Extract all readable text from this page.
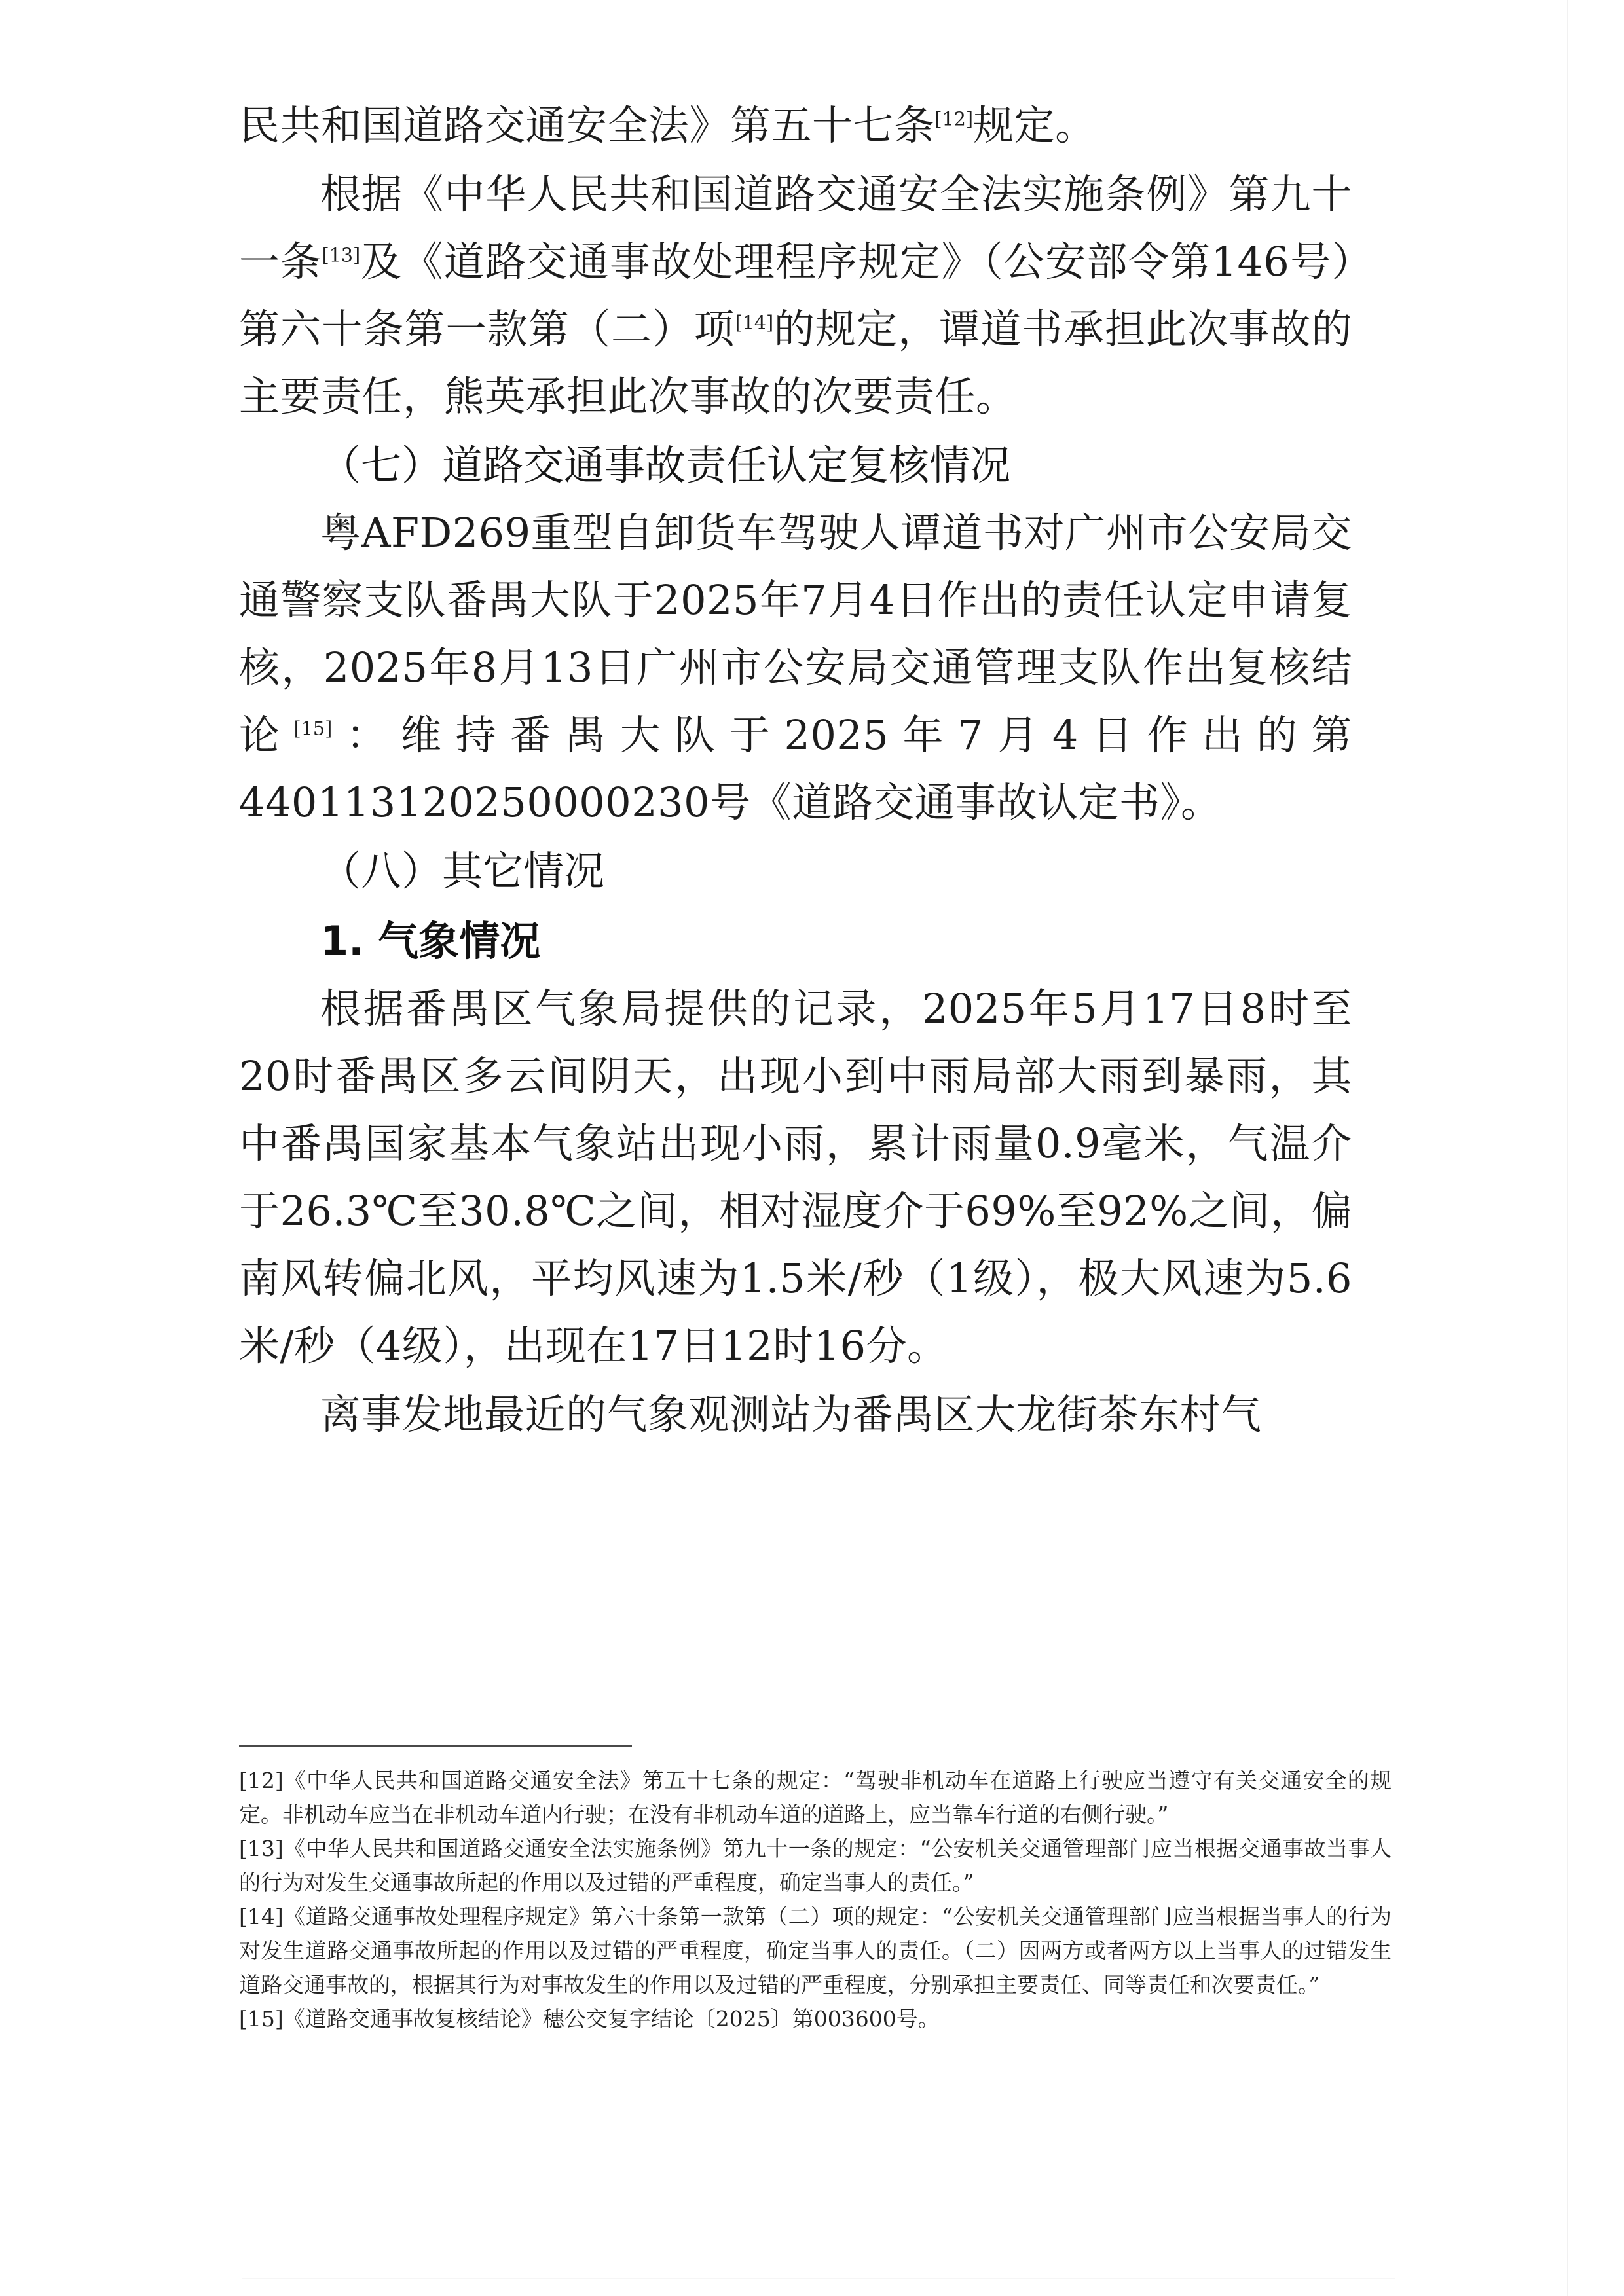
民共和国道路交通安全法》第五十七条[12]规定。

根据《中华人民共和国道路交通安全法实施条例》第九十一条[13]及《道路交通事故处理程序规定》（公安部令第146号）第六十条第一款第（二）项[14]的规定，谭道书承担此次事故的主要责任，熊英承担此次事故的次要责任。

（七）道路交通事故责任认定复核情况

粤AFD269重型自卸货车驾驶人谭道书对广州市公安局交通警察支队番禺大队于2025年7月4日作出的责任认定申请复核，2025年8月13日广州市公安局交通管理支队作出复核结论[15]：维持番禺大队于2025年7月4日作出的第440113120250000230号《道路交通事故认定书》。

（八）其它情况

1. 气象情况

根据番禺区气象局提供的记录，2025年5月17日8时至20时番禺区多云间阴天，出现小到中雨局部大雨到暴雨，其中番禺国家基本气象站出现小雨，累计雨量0.9毫米，气温介于26.3℃至30.8℃之间，相对湿度介于69%至92%之间，偏南风转偏北风，平均风速为1.5米/秒（1级），极大风速为5.6米/秒（4级），出现在17日12时16分。

离事发地最近的气象观测站为番禺区大龙街茶东村气

[12]《中华人民共和国道路交通安全法》第五十七条的规定：“驾驶非机动车在道路上行驶应当遵守有关交通安全的规定。非机动车应当在非机动车道内行驶；在没有非机动车道的道路上，应当靠车行道的右侧行驶。”

[13]《中华人民共和国道路交通安全法实施条例》第九十一条的规定：“公安机关交通管理部门应当根据交通事故当事人的行为对发生交通事故所起的作用以及过错的严重程度，确定当事人的责任。”

[14]《道路交通事故处理程序规定》第六十条第一款第（二）项的规定：“公安机关交通管理部门应当根据当事人的行为对发生道路交通事故所起的作用以及过错的严重程度，确定当事人的责任。（二）因两方或者两方以上当事人的过错发生道路交通事故的，根据其行为对事故发生的作用以及过错的严重程度，分别承担主要责任、同等责任和次要责任。”

[15]《道路交通事故复核结论》穗公交复字结论〔2025〕第003600号。
